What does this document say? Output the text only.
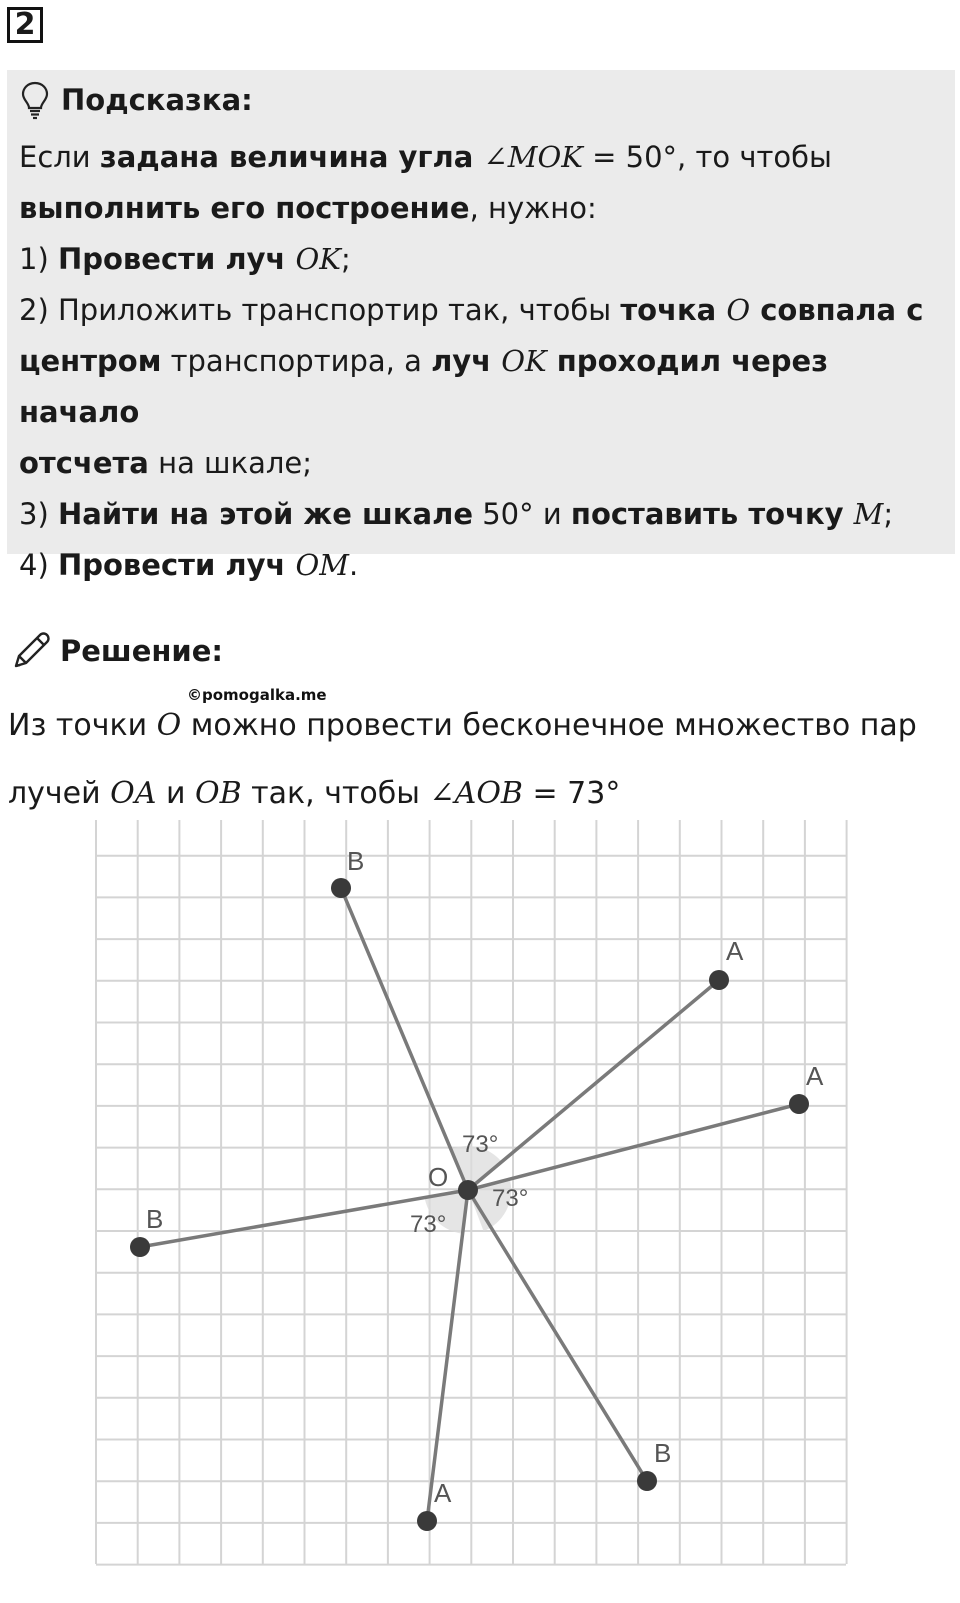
2
Подсказка:

Если задана величина угла ∠MOK = 50°, то чтобы

выполнить его построение, нужно:

1) Провести луч OK;

2) Приложить транспортир так, чтобы точка O совпала с

центром транспортира, а луч OK проходил через начало

отсчета на шкале;

3) Найти на этой же шкале 50° и поставить точку M;

4) Провести луч OM.

Решение:
©pomogalka.me

Из точки O можно провести бесконечное множество пар

лучей OA и OB так, чтобы ∠AOB = 73°

B
A
A
B
A
B
O
73°
73°
73°
